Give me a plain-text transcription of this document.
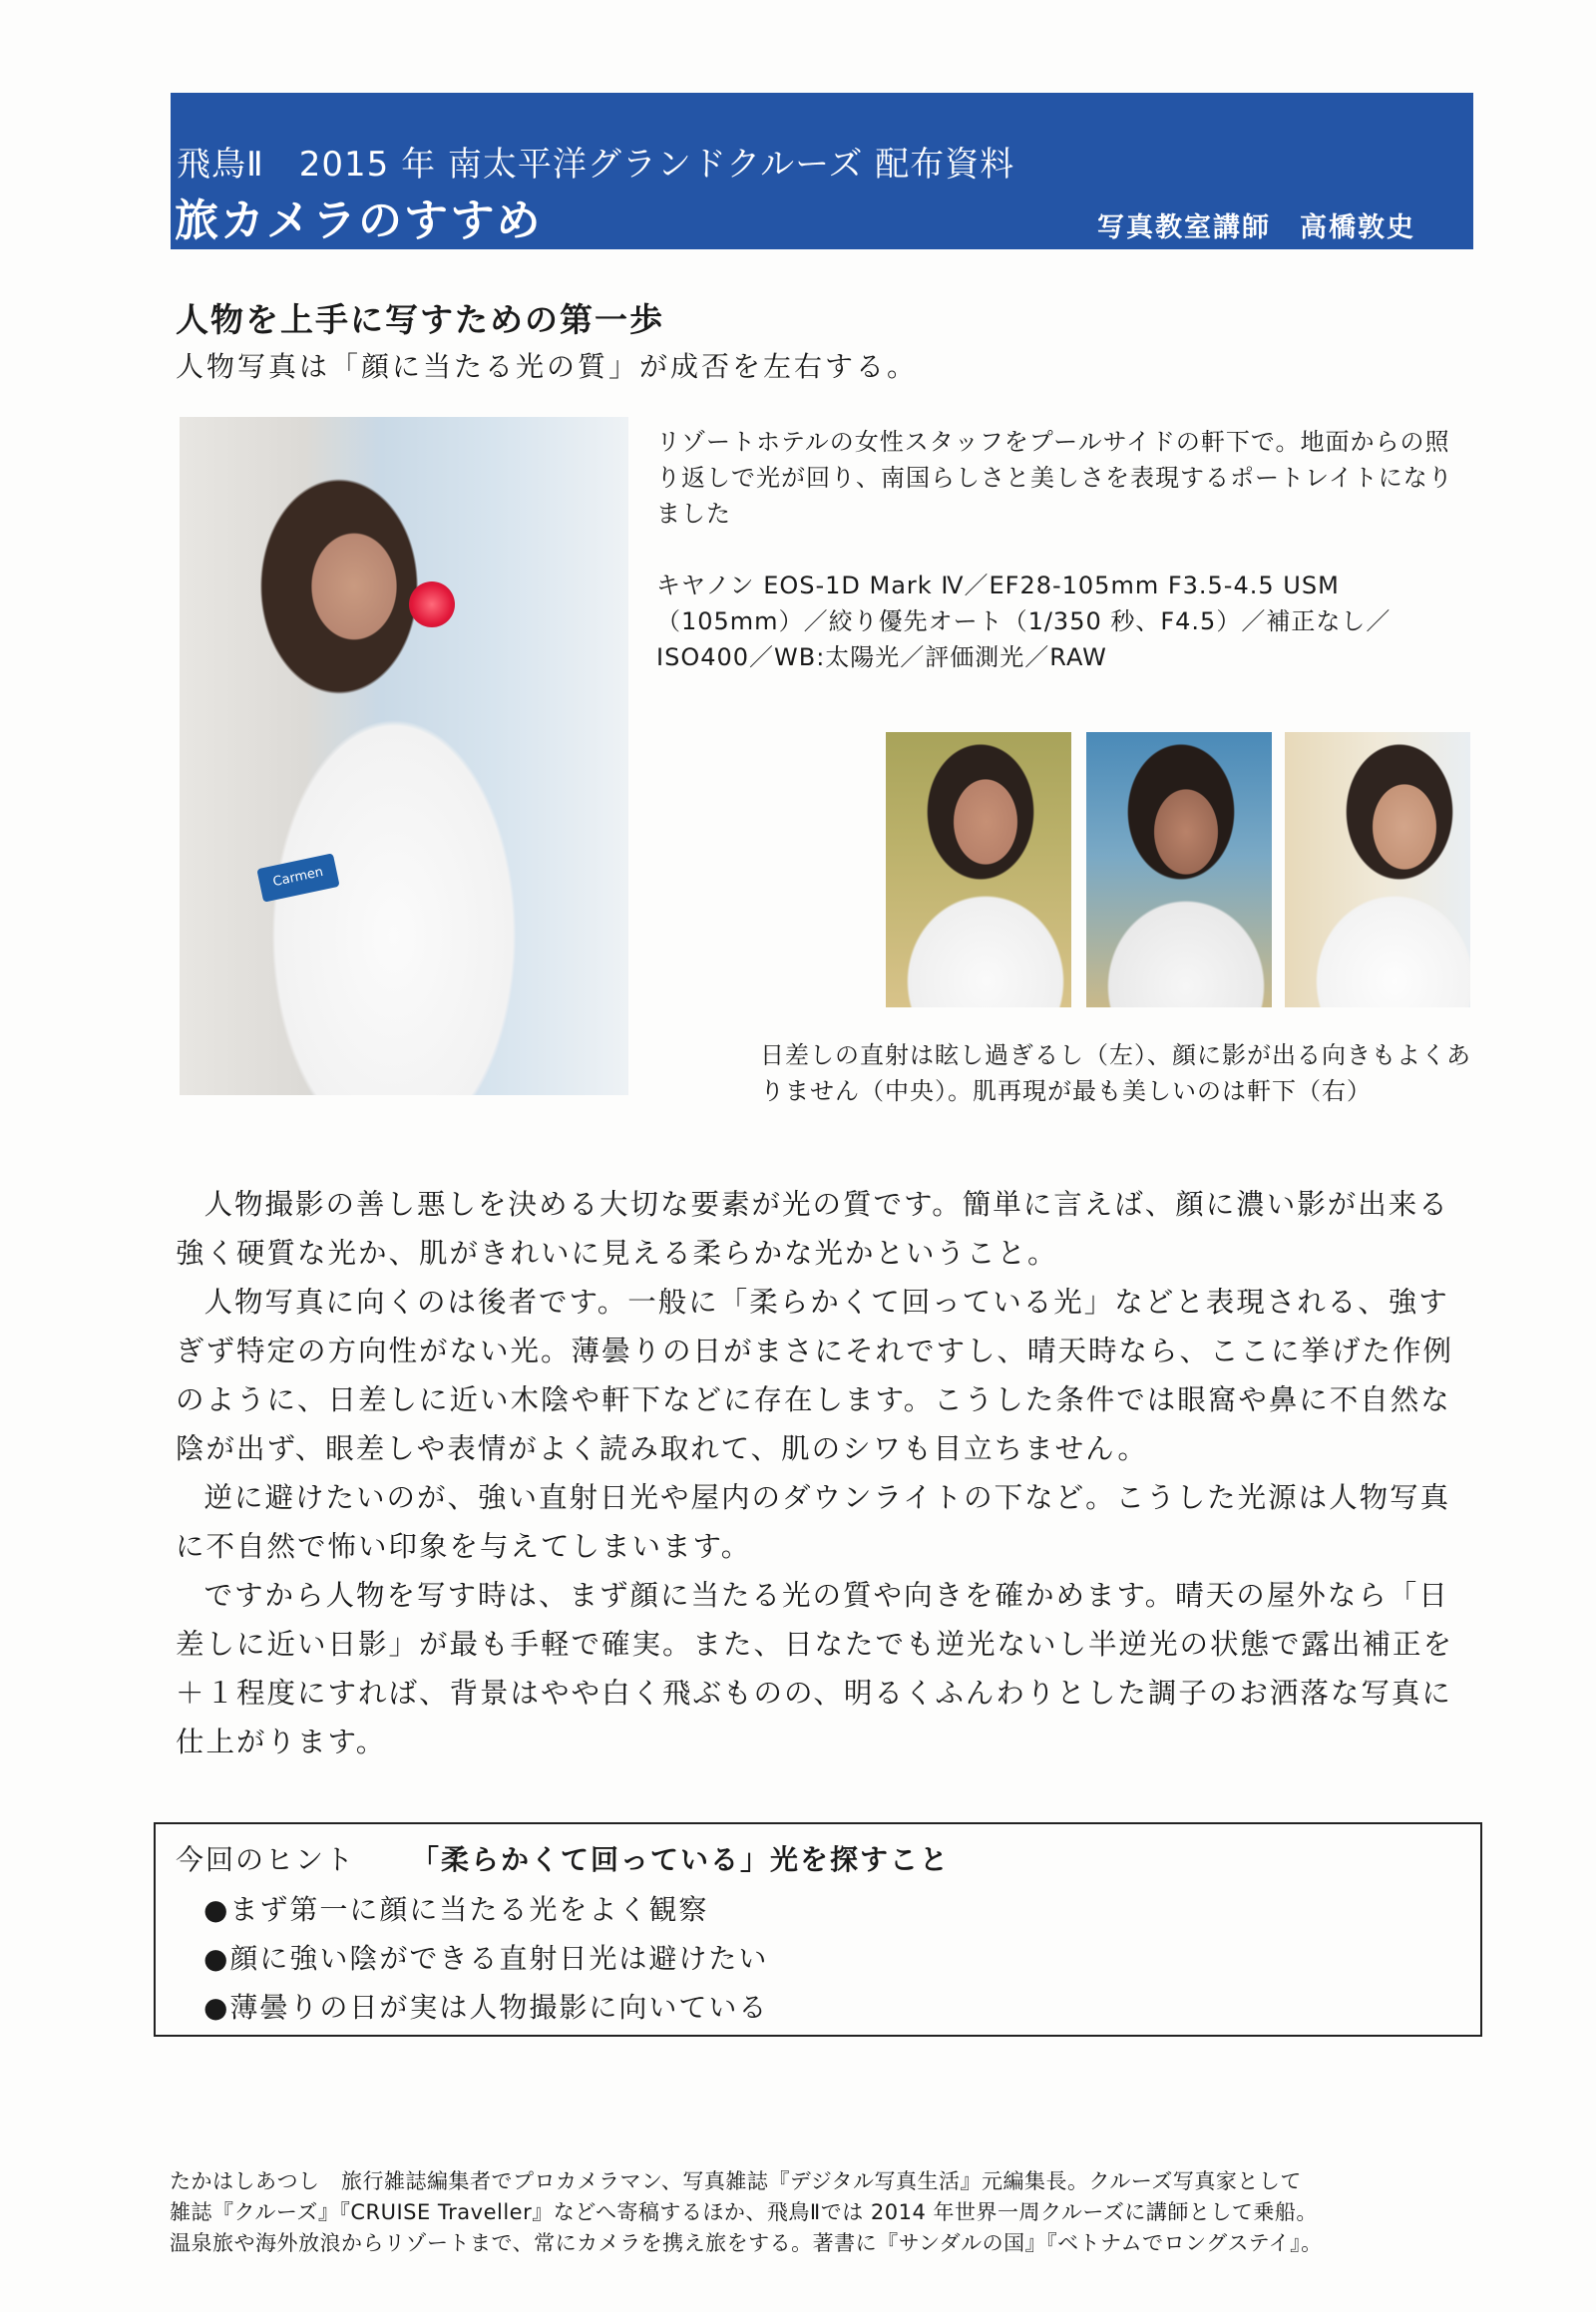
飛鳥Ⅱ　2015 年 南太平洋グランドクルーズ 配布資料
旅カメラのすすめ	写真教室講師　高橋敦史
人物を上手に写すための第一歩
人物写真は「顔に当たる光の質」が成否を左右する。
Carmen

リゾートホテルの女性スタッフをプールサイドの軒下で。地面からの照り返しで光が回り、南国らしさと美しさを表現するポートレイトになりました

キヤノン EOS-1D Mark Ⅳ／EF28-105mm F3.5-4.5 USM（105mm）／絞り優先オート（1/350 秒、F4.5）／補正なし／ISO400／WB:太陽光／評価測光／RAW

日差しの直射は眩し過ぎるし（左）、顔に影が出る向きもよくありません（中央）。肌再現が最も美しいのは軒下（右）

人物撮影の善し悪しを決める大切な要素が光の質です。簡単に言えば、顔に濃い影が出来る強く硬質な光か、肌がきれいに見える柔らかな光かということ。

人物写真に向くのは後者です。一般に「柔らかくて回っている光」などと表現される、強すぎず特定の方向性がない光。薄曇りの日がまさにそれですし、晴天時なら、ここに挙げた作例のように、日差しに近い木陰や軒下などに存在します。こうした条件では眼窩や鼻に不自然な陰が出ず、眼差しや表情がよく読み取れて、肌のシワも目立ちません。

逆に避けたいのが、強い直射日光や屋内のダウンライトの下など。こうした光源は人物写真に不自然で怖い印象を与えてしまいます。

ですから人物を写す時は、まず顔に当たる光の質や向きを確かめます。晴天の屋外なら「日差しに近い日影」が最も手軽で確実。また、日なたでも逆光ないし半逆光の状態で露出補正を＋１程度にすれば、背景はやや白く飛ぶものの、明るくふんわりとした調子のお洒落な写真に仕上がります。

今回のヒント 「柔らかくて回っている」光を探すこと
●まず第一に顔に当たる光をよく観察
●顔に強い陰ができる直射日光は避けたい
●薄曇りの日が実は人物撮影に向いている

たかはしあつし　旅行雑誌編集者でプロカメラマン、写真雑誌『デジタル写真生活』元編集長。クルーズ写真家として

雑誌『クルーズ』『CRUISE Traveller』などへ寄稿するほか、飛鳥Ⅱでは 2014 年世界一周クルーズに講師として乗船。

温泉旅や海外放浪からリゾートまで、常にカメラを携え旅をする。著書に『サンダルの国』『ベトナムでロングステイ』。
